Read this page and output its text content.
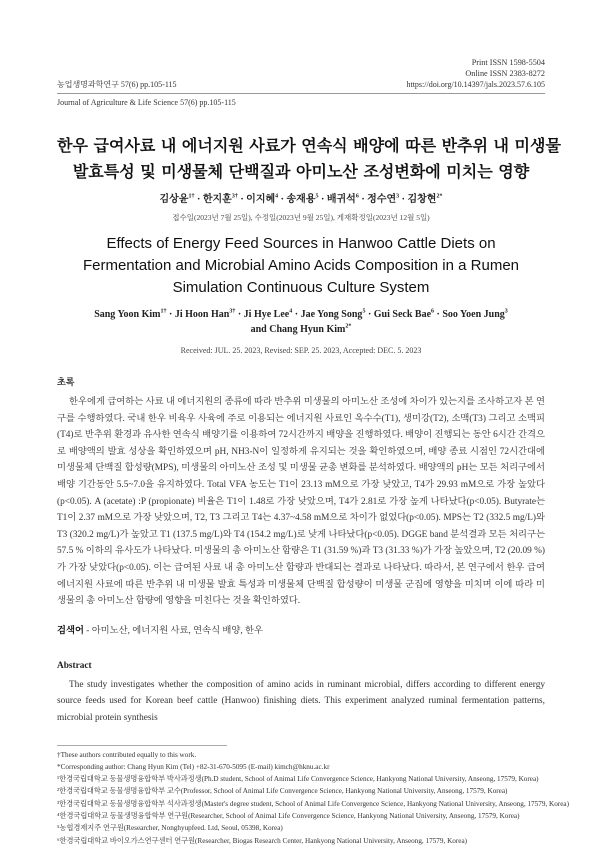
Print ISSN 1598-5504
Online ISSN 2383-8272
농업생명과학연구 57(6) pp.105-115	https://doi.org/10.14397/jals.2023.57.6.105
Journal of Agriculture & Life Science 57(6) pp.105-115
한우 급여사료 내 에너지원 사료가 연속식 배양에 따른 반추위 내 미생물
발효특성 및 미생물체 단백질과 아미노산 조성변화에 미치는 영향
김상윤$^{1\dagger}$ · 한지훈$^{3\dagger}$ · 이지혜$^4$ · 송재용$^5$ · 배귀석$^6$ · 정수연$^3$ · 김창현$^{2*}$
접수일(2023년 7월 25일), 수정일(2023년 9월 25일), 게재확정일(2023년 12월 5일)
Effects of Energy Feed Sources in Hanwoo Cattle Diets on
Fermentation and Microbial Amino Acids Composition in a Rumen
Simulation Continuous Culture System
Sang Yoon Kim$^{1\dagger}$ · Ji Hoon Han$^{3\dagger}$ · Ji Hye Lee$^4$ · Jae Yong Song$^5$ · Gui Seck Bae$^6$ · Soo Yoen Jung$^3$
and Chang Hyun Kim$^{2*}$
Received: JUL. 25. 2023, Revised: SEP. 25. 2023, Accepted: DEC. 5. 2023
초록
한우에게 급여하는 사료 내 에너지원의 종류에 따라 반추위 미생물의 아미노산 조성에 차이가 있는지를 조사하고자 본 연구를 수행하였다. 국내 한우 비육우 사육에 주로 이용되는 에너지원 사료인 옥수수(T1), 생미강(T2), 소맥(T3) 그리고 소맥피(T4)로 반추위 환경과 유사한 연속식 배양기를 이용하여 72시간까지 배양을 진행하였다. 배양이 진행되는 동안 6시간 간격으로 배양액의 발효 성상을 확인하였으며 pH, NH3-N이 일정하게 유지되는 것을 확인하였으며, 배양 종료 시점인 72시간대에 미생물체 단백질 합성량(MPS), 미생물의 아미노산 조성 및 미생물 균총 변화를 분석하였다. 배양액의 pH는 모든 처리구에서 배양 기간동안 5.5~7.0을 유지하였다. Total VFA 농도는 T1이 23.13 mM으로 가장 낮았고, T4가 29.93 mM으로 가장 높았다(p<0.05). A (acetate) :P (propionate) 비율은 T1이 1.48로 가장 낮았으며, T4가 2.81로 가장 높게 나타났다(p<0.05). Butyrate는 T1이 2.37 mM으로 가장 낮았으며, T2, T3 그리고 T4는 4.37~4.58 mM으로 차이가 없었다(p<0.05). MPS는 T2 (332.5 mg/L)와 T3 (320.2 mg/L)가 높았고 T1 (137.5 mg/L)와 T4 (154.2 mg/L)로 낮게 나타났다(p<0.05). DGGE band 분석결과 모든 처리구는 57.5 % 이하의 유사도가 나타났다. 미생물의 총 아미노산 함량은 T1 (31.59 %)과 T3 (31.33 %)가 가장 높았으며, T2 (20.09 %)가 가장 낮았다(p<0.05). 이는 급여된 사료 내 총 아미노산 함량과 반대되는 결과로 나타났다. 따라서, 본 연구에서 한우 급여 에너지원 사료에 따른 반추위 내 미생물 발효 특성과 미생물체 단백질 합성량이 미생물 군집에 영향을 미치며 이에 따라 미생물의 총 아미노산 함량에 영향을 미친다는 것을 확인하였다.
검색어 - 아미노산, 에너지원 사료, 연속식 배양, 한우
Abstract
The study investigates whether the composition of amino acids in ruminant microbial, differs according to different energy source feeds used for Korean beef cattle (Hanwoo) finishing diets. This experiment analyzed ruminal fermentation patterns, microbial protein synthesis
†These authors contributed equally to this work.
*Corresponding author: Chang Hyun Kim (Tel) +82-31-670-5095 (E-mail) kimch@hknu.ac.kr
¹한경국립대학교 동물생명융합학부 박사과정생(Ph.D student, School of Animal Life Convergence Science, Hankyong National University, Anseong, 17579, Korea)
²한경국립대학교 동물생명융합학부 교수(Professor, School of Animal Life Convergence Science, Hankyong National University, Anseong, 17579, Korea)
³한경국립대학교 동물생명융합학부 석사과정생(Master's degree student, School of Animal Life Convergence Science, Hankyong National University, Anseong, 17579, Korea)
⁴한경국립대학교 동물생명융합학부 연구원(Researcher, School of Animal Life Convergence Science, Hankyong National University, Anseong, 17579, Korea)
⁵농협경제지주 연구원(Researcher, Nonghyupfeed. Ltd, Seoul, 05398, Korea)
⁶한경국립대학교 바이오가스연구센터 연구원(Researcher, Biogas Research Center, Hankyong National University, Anseong, 17579, Korea)
